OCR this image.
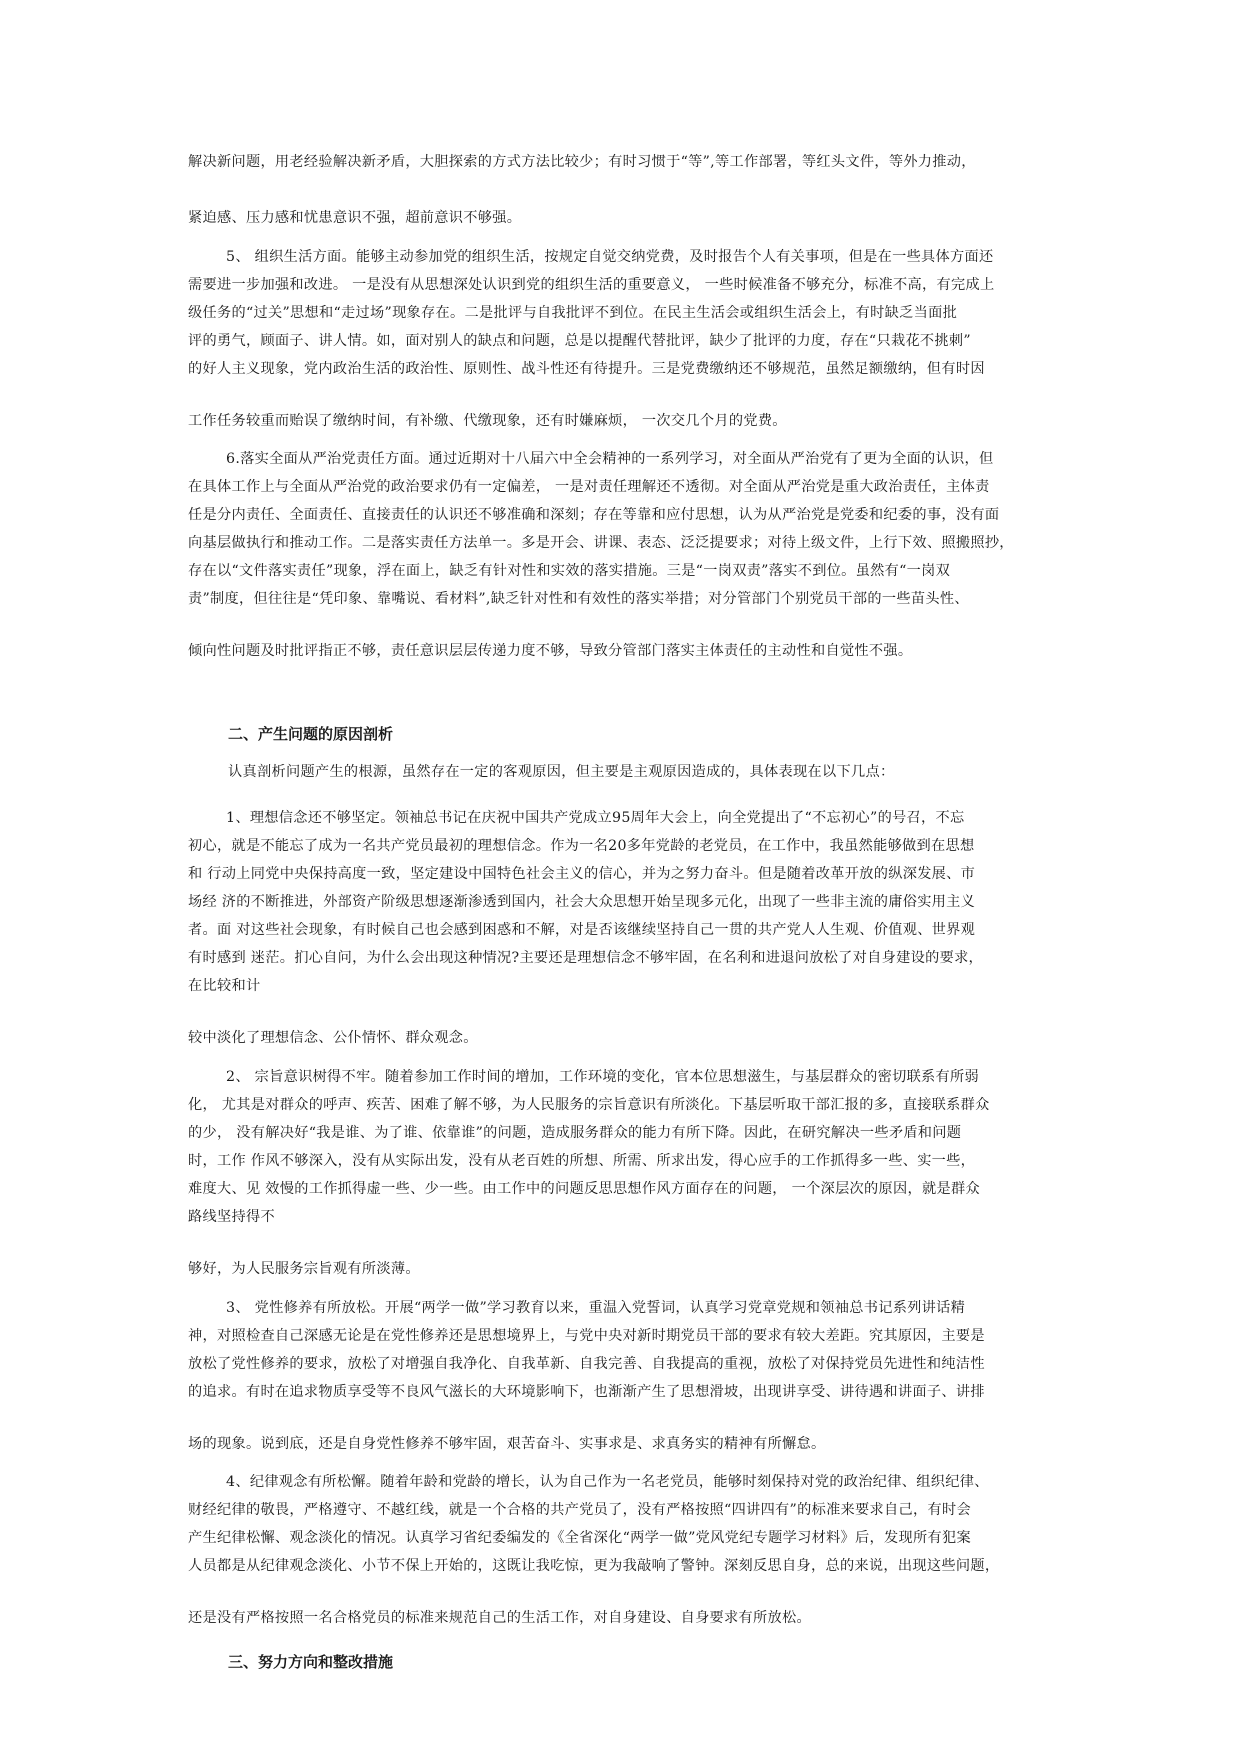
解决新问题，用老经验解决新矛盾，大胆探索的方式方法比较少；有时习惯于“等”,等工作部署，等红头文件，等外力推动，

紧迫感、压力感和忧患意识不强，超前意识不够强。

5、 组织生活方面。能够主动参加党的组织生活，按规定自觉交纳党费，及时报告个人有关事项，但是在一些具体方面还

需要进一步加强和改进。 一是没有从思想深处认识到党的组织生活的重要意义， 一些时候准备不够充分，标准不高，有完成上

级任务的“过关”思想和“走过场”现象存在。二是批评与自我批评不到位。在民主生活会或组织生活会上，有时缺乏当面批

评的勇气，顾面子、讲人情。如，面对别人的缺点和问题，总是以提醒代替批评，缺少了批评的力度，存在“只栽花不挑刺”

的好人主义现象，党内政治生活的政治性、原则性、战斗性还有待提升。三是党费缴纳还不够规范，虽然足额缴纳，但有时因

工作任务较重而贻误了缴纳时间，有补缴、代缴现象，还有时嫌麻烦， 一次交几个月的党费。

6.落实全面从严治党责任方面。通过近期对十八届六中全会精神的一系列学习，对全面从严治党有了更为全面的认识，但

在具体工作上与全面从严治党的政治要求仍有一定偏差， 一是对责任理解还不透彻。对全面从严治党是重大政治责任，主体责

任是分内责任、全面责任、直接责任的认识还不够准确和深刻；存在等靠和应付思想，认为从严治党是党委和纪委的事，没有面

向基层做执行和推动工作。二是落实责任方法单一。多是开会、讲课、表态、泛泛提要求；对待上级文件，上行下效、照搬照抄，

存在以“文件落实责任”现象，浮在面上，缺乏有针对性和实效的落实措施。三是“一岗双责”落实不到位。虽然有“一岗双

责”制度，但往往是“凭印象、靠嘴说、看材料”,缺乏针对性和有效性的落实举措；对分管部门个别党员干部的一些苗头性、

倾向性问题及时批评指正不够，责任意识层层传递力度不够，导致分管部门落实主体责任的主动性和自觉性不强。

二、产生问题的原因剖析

认真剖析问题产生的根源，虽然存在一定的客观原因，但主要是主观原因造成的，具体表现在以下几点：

1、理想信念还不够坚定。领袖总书记在庆祝中国共产党成立95周年大会上，向全党提出了“不忘初心”的号召，不忘

初心，就是不能忘了成为一名共产党员最初的理想信念。作为一名20多年党龄的老党员，在工作中，我虽然能够做到在思想

和 行动上同党中央保持高度一致，坚定建设中国特色社会主义的信心，并为之努力奋斗。但是随着改革开放的纵深发展、市

场经 济的不断推进，外部资产阶级思想逐渐渗透到国内，社会大众思想开始呈现多元化，出现了一些非主流的庸俗实用主义

者。面 对这些社会现象，有时候自己也会感到困惑和不解，对是否该继续坚持自己一贯的共产党人人生观、价值观、世界观

有时感到 迷茫。扪心自问，为什么会出现这种情况?主要还是理想信念不够牢固，在名利和进退问放松了对自身建设的要求，

在比较和计

较中淡化了理想信念、公仆情怀、群众观念。

2、 宗旨意识树得不牢。随着参加工作时间的增加，工作环境的变化，官本位思想滋生，与基层群众的密切联系有所弱

化， 尤其是对群众的呼声、疾苦、困难了解不够，为人民服务的宗旨意识有所淡化。下基层听取干部汇报的多，直接联系群众

的少， 没有解决好“我是谁、为了谁、依靠谁”的问题，造成服务群众的能力有所下降。因此，在研究解决一些矛盾和问题

时，工作 作风不够深入，没有从实际出发，没有从老百姓的所想、所需、所求出发，得心应手的工作抓得多一些、实一些，

难度大、见 效慢的工作抓得虚一些、少一些。由工作中的问题反思思想作风方面存在的问题， 一个深层次的原因，就是群众

路线坚持得不

够好，为人民服务宗旨观有所淡薄。

3、 党性修养有所放松。开展“两学一做”学习教育以来，重温入党誓词，认真学习党章党规和领袖总书记系列讲话精

神，对照检查自己深感无论是在党性修养还是思想境界上，与党中央对新时期党员干部的要求有较大差距。究其原因，主要是

放松了党性修养的要求，放松了对增强自我净化、自我革新、自我完善、自我提高的重视，放松了对保持党员先进性和纯洁性

的追求。有时在追求物质享受等不良风气滋长的大环境影响下，也渐渐产生了思想滑坡，出现讲享受、讲待遇和讲面子、讲排

场的现象。说到底，还是自身党性修养不够牢固，艰苦奋斗、实事求是、求真务实的精神有所懈怠。

4、纪律观念有所松懈。随着年龄和党龄的增长，认为自己作为一名老党员，能够时刻保持对党的政治纪律、组织纪律、

财经纪律的敬畏，严格遵守、不越红线，就是一个合格的共产党员了，没有严格按照“四讲四有”的标准来要求自己，有时会

产生纪律松懈、观念淡化的情况。认真学习省纪委编发的《全省深化“两学一做”党风党纪专题学习材料》后，发现所有犯案

人员都是从纪律观念淡化、小节不保上开始的，这既让我吃惊，更为我敲响了警钟。深刻反思自身，总的来说，出现这些问题，

还是没有严格按照一名合格党员的标准来规范自己的生活工作，对自身建设、自身要求有所放松。

三、努力方向和整改措施
